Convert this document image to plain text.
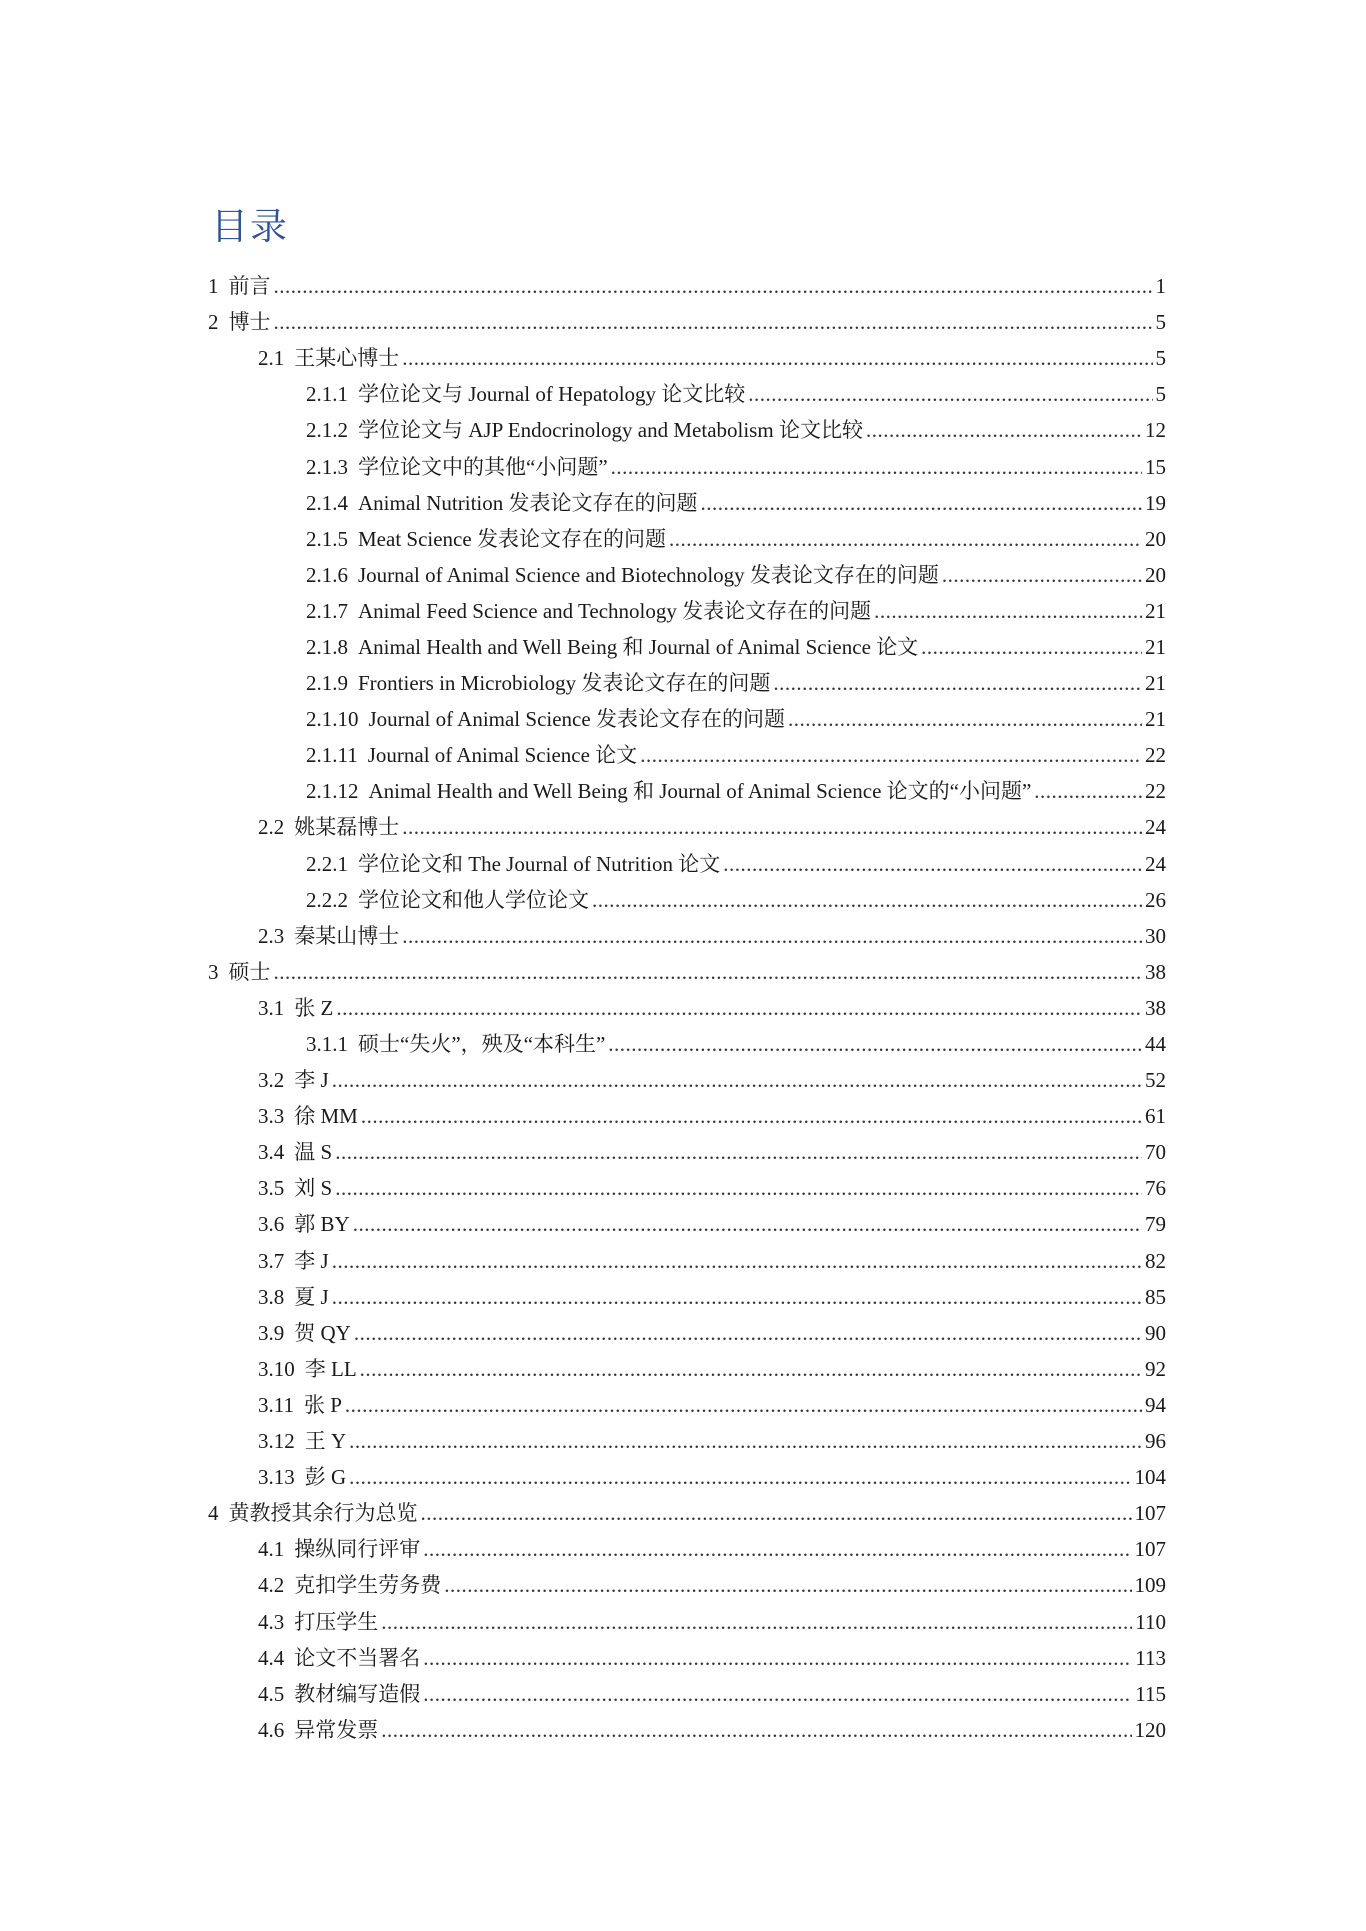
目录
1 前言 .....	1
2 博士 .....	5
2.1 王某心博士 .....	5
2.1.1 学位论文与 Journal of Hepatology 论文比较 .....	5
2.1.2 学位论文与 AJP Endocrinology and Metabolism 论文比较 .....	12
2.1.3 学位论文中的其他“小问题” .....	15
2.1.4 Animal Nutrition 发表论文存在的问题 .....	19
2.1.5 Meat Science 发表论文存在的问题 .....	20
2.1.6 Journal of Animal Science and Biotechnology 发表论文存在的问题 .....	20
2.1.7 Animal Feed Science and Technology 发表论文存在的问题 .....	21
2.1.8 Animal Health and Well Being 和 Journal of Animal Science 论文 .....	21
2.1.9 Frontiers in Microbiology 发表论文存在的问题 .....	21
2.1.10 Journal of Animal Science 发表论文存在的问题 .....	21
2.1.11 Journal of Animal Science 论文 .....	22
2.1.12 Animal Health and Well Being 和 Journal of Animal Science 论文的“小问题” .....	22
2.2 姚某磊博士 .....	24
2.2.1 学位论文和 The Journal of Nutrition 论文 .....	24
2.2.2 学位论文和他人学位论文 .....	26
2.3 秦某山博士 .....	30
3 硕士 .....	38
3.1 张 Z .....	38
3.1.1 硕士“失火”，殃及“本科生” .....	44
3.2 李 J .....	52
3.3 徐 MM .....	61
3.4 温 S .....	70
3.5 刘 S .....	76
3.6 郭 BY .....	79
3.7 李 J .....	82
3.8 夏 J .....	85
3.9 贺 QY .....	90
3.10 李 LL .....	92
3.11 张 P .....	94
3.12 王 Y .....	96
3.13 彭 G .....	104
4 黄教授其余行为总览 .....	107
4.1 操纵同行评审 .....	107
4.2 克扣学生劳务费 .....	109
4.3 打压学生 .....	110
4.4 论文不当署名 .....	113
4.5 教材编写造假 .....	115
4.6 异常发票 .....	120
